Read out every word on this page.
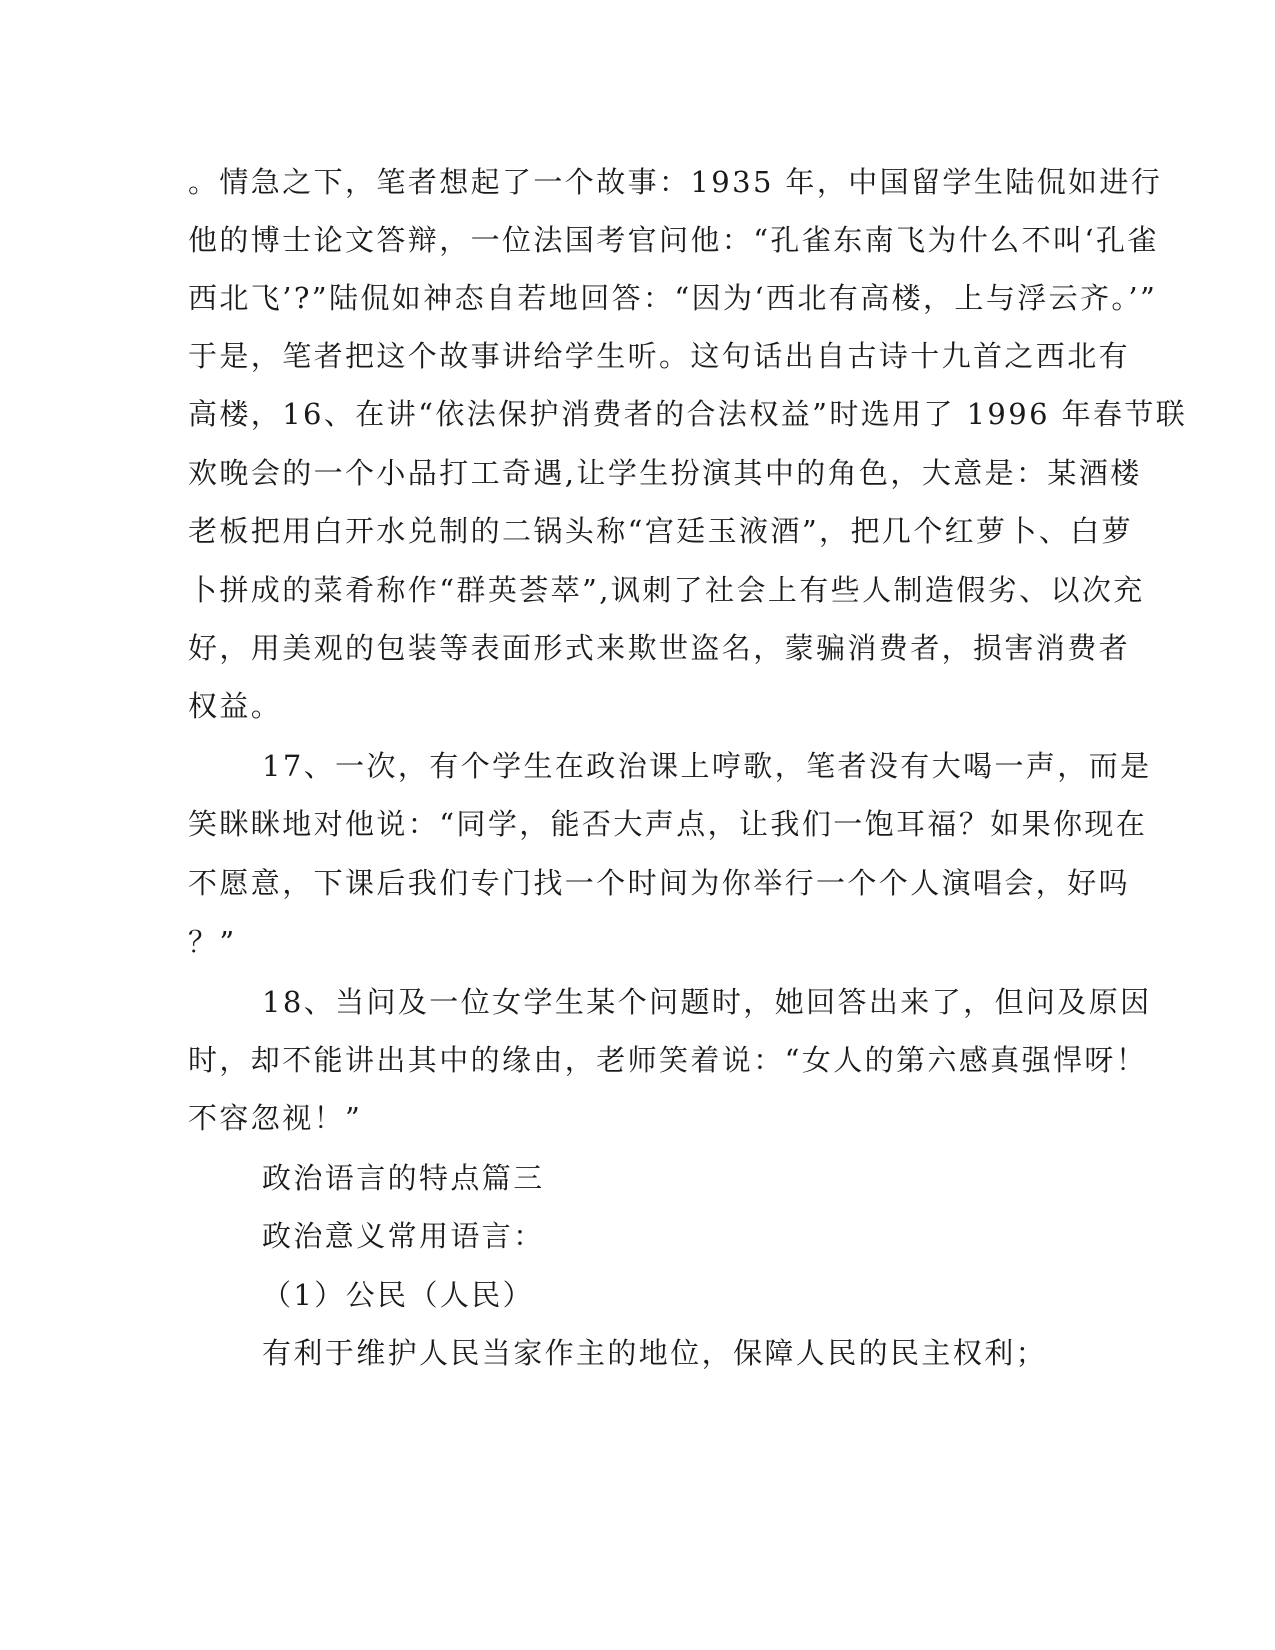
。情急之下，笔者想起了一个故事：1935 年，中国留学生陆侃如进行
他的博士论文答辩，一位法国考官问他：“孔雀东南飞为什么不叫‘孔雀
西北飞’?”陆侃如神态自若地回答：“因为‘西北有高楼，上与浮云齐。’”
于是，笔者把这个故事讲给学生听。这句话出自古诗十九首之西北有
高楼，16、在讲“依法保护消费者的合法权益”时选用了 1996 年春节联
欢晚会的一个小品打工奇遇,让学生扮演其中的角色，大意是：某酒楼
老板把用白开水兑制的二锅头称“宫廷玉液酒”，把几个红萝卜、白萝
卜拼成的菜肴称作“群英荟萃”,讽刺了社会上有些人制造假劣、以次充
好，用美观的包装等表面形式来欺世盗名，蒙骗消费者，损害消费者
权益。
17、一次，有个学生在政治课上哼歌，笔者没有大喝一声，而是
笑眯眯地对他说：“同学，能否大声点，让我们一饱耳福？如果你现在
不愿意，下课后我们专门找一个时间为你举行一个个人演唱会，好吗
？”
18、当问及一位女学生某个问题时，她回答出来了，但问及原因
时，却不能讲出其中的缘由，老师笑着说：“女人的第六感真强悍呀！
不容忽视！”
政治语言的特点篇三
政治意义常用语言：
（1）公民（人民）
有利于维护人民当家作主的地位，保障人民的民主权利；
